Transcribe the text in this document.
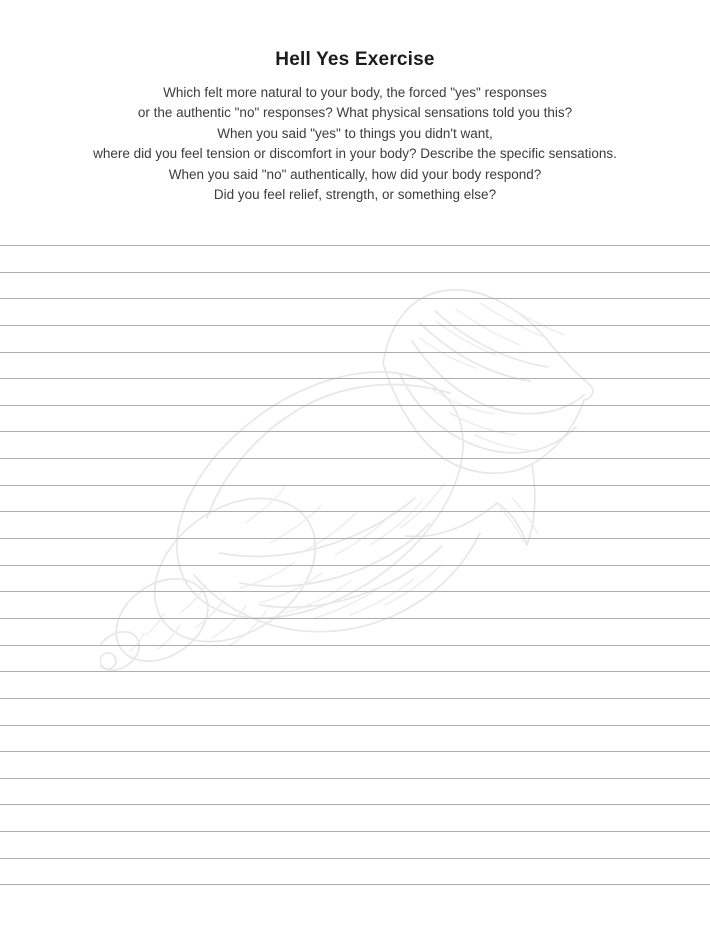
Hell Yes Exercise
Which felt more natural to your body, the forced "yes" responses
or the authentic "no" responses? What physical sensations told you this?
When you said "yes" to things you didn't want,
where did you feel tension or discomfort in your body? Describe the specific sensations.
When you said "no" authentically, how did your body respond?
Did you feel relief, strength, or something else?
